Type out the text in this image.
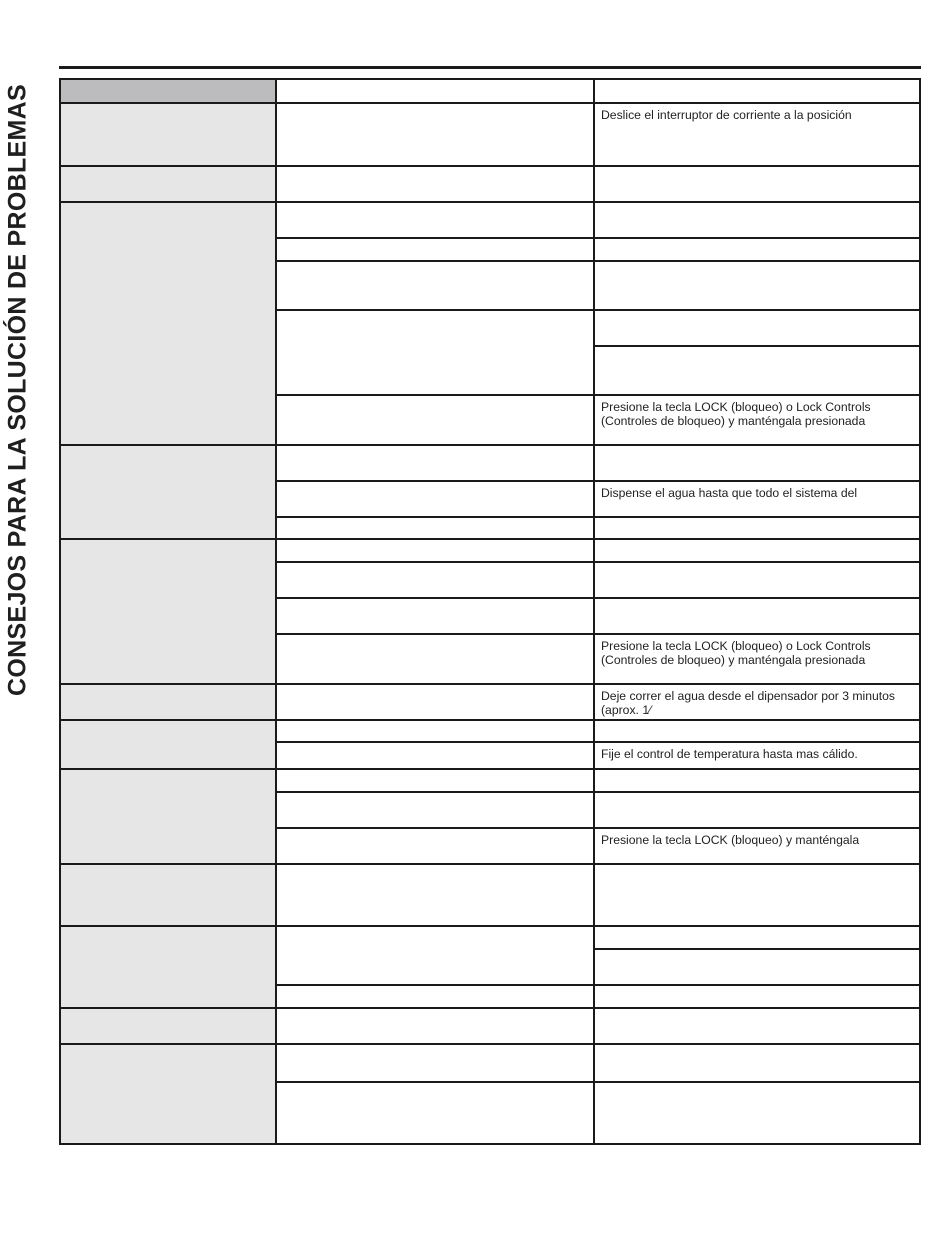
CONSEJOS PARA LA SOLUCIÓN DE PROBLEMAS	Deslice el interruptor de corriente a la posición
Presione la tecla LOCK (bloqueo) o Lock Controls (Controles de bloqueo) y manténgala presionada
Dispense el agua hasta que todo el sistema del
Presione la tecla LOCK (bloqueo) o Lock Controls (Controles de bloqueo) y manténgala presionada
Deje correr el agua desde el dipensador por 3 minutos (aprox. 1⁄
Fije el control de temperatura hasta mas cálido.
Presione la tecla LOCK (bloqueo) y manténgala
